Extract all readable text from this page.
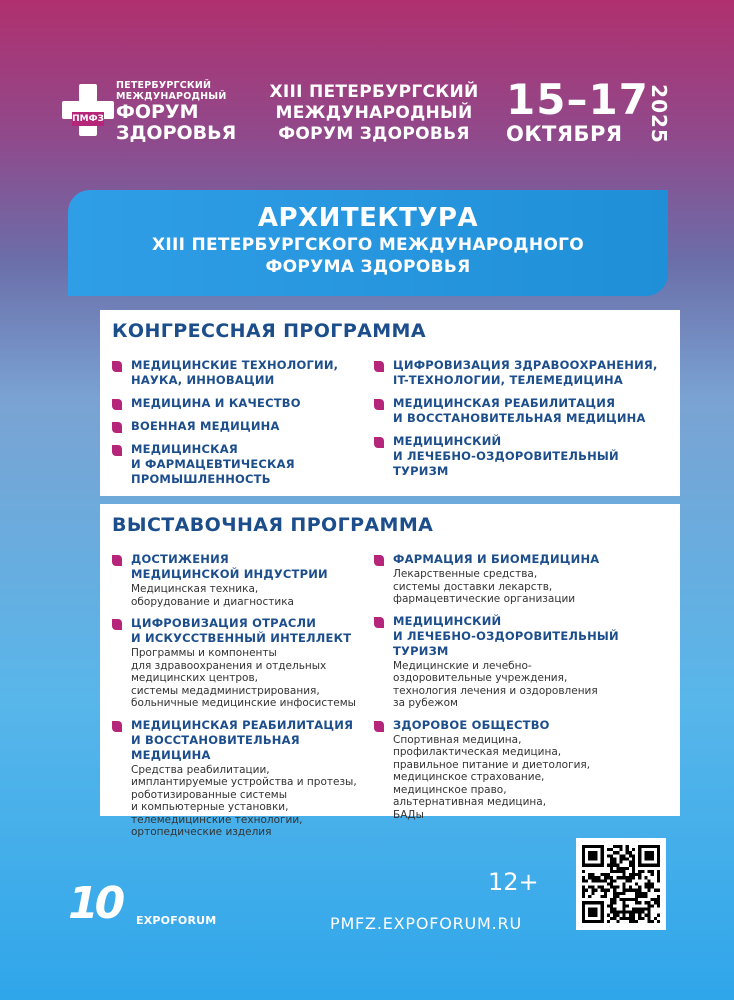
ПМФЗ
ПЕТЕРБУРГСКИЙ
МЕЖДУНАРОДНЫЙ
ФОРУМ
ЗДОРОВЬЯ
XIII ПЕТЕРБУРГСКИЙ
МЕЖДУНАРОДНЫЙ
ФОРУМ ЗДОРОВЬЯ
15–17
ОКТЯБРЯ	2025
АРХИТЕКТУРА
XIII ПЕТЕРБУРГСКОГО МЕЖДУНАРОДНОГО
ФОРУМА ЗДОРОВЬЯ
КОНГРЕССНАЯ ПРОГРАММА
МЕДИЦИНСКИЕ ТЕХНОЛОГИИ,
НАУКА, ИННОВАЦИИ
МЕДИЦИНА И КАЧЕСТВО
ВОЕННАЯ МЕДИЦИНА
МЕДИЦИНСКАЯ
И ФАРМАЦЕВТИЧЕСКАЯ
ПРОМЫШЛЕННОСТЬ
ЦИФРОВИЗАЦИЯ ЗДРАВООХРАНЕНИЯ,
IT-ТЕХНОЛОГИИ, ТЕЛЕМЕДИЦИНА
МЕДИЦИНСКАЯ РЕАБИЛИТАЦИЯ
И ВОССТАНОВИТЕЛЬНАЯ МЕДИЦИНА
МЕДИЦИНСКИЙ
И ЛЕЧЕБНО-ОЗДОРОВИТЕЛЬНЫЙ
ТУРИЗМ
ВЫСТАВОЧНАЯ ПРОГРАММА
ДОСТИЖЕНИЯ
МЕДИЦИНСКОЙ ИНДУСТРИИ
Медицинская техника,
оборудование и диагностика
ЦИФРОВИЗАЦИЯ ОТРАСЛИ
И ИСКУССТВЕННЫЙ ИНТЕЛЛЕКТ
Программы и компоненты
для здравоохранения и отдельных
медицинских центров,
системы медадминистрирования,
больничные медицинские инфосистемы
МЕДИЦИНСКАЯ РЕАБИЛИТАЦИЯ
И ВОССТАНОВИТЕЛЬНАЯ МЕДИЦИНА
Средства реабилитации,
имплантируемые устройства и протезы,
роботизированные системы
и компьютерные установки,
телемедицинские технологии,
ортопедические изделия
ФАРМАЦИЯ И БИОМЕДИЦИНА
Лекарственные средства,
системы доставки лекарств,
фармацевтические организации
МЕДИЦИНСКИЙ
И ЛЕЧЕБНО-ОЗДОРОВИТЕЛЬНЫЙ
ТУРИЗМ
Медицинские и лечебно-
оздоровительные учреждения,
технология лечения и оздоровления
за рубежом
ЗДОРОВОЕ ОБЩЕСТВО
Спортивная медицина,
профилактическая медицина,
правильное питание и диетология,
медицинское страхование,
медицинское право,
альтернативная медицина,
БАДы
10 EXPOFORUM
12+
PMFZ.EXPOFORUM.RU
